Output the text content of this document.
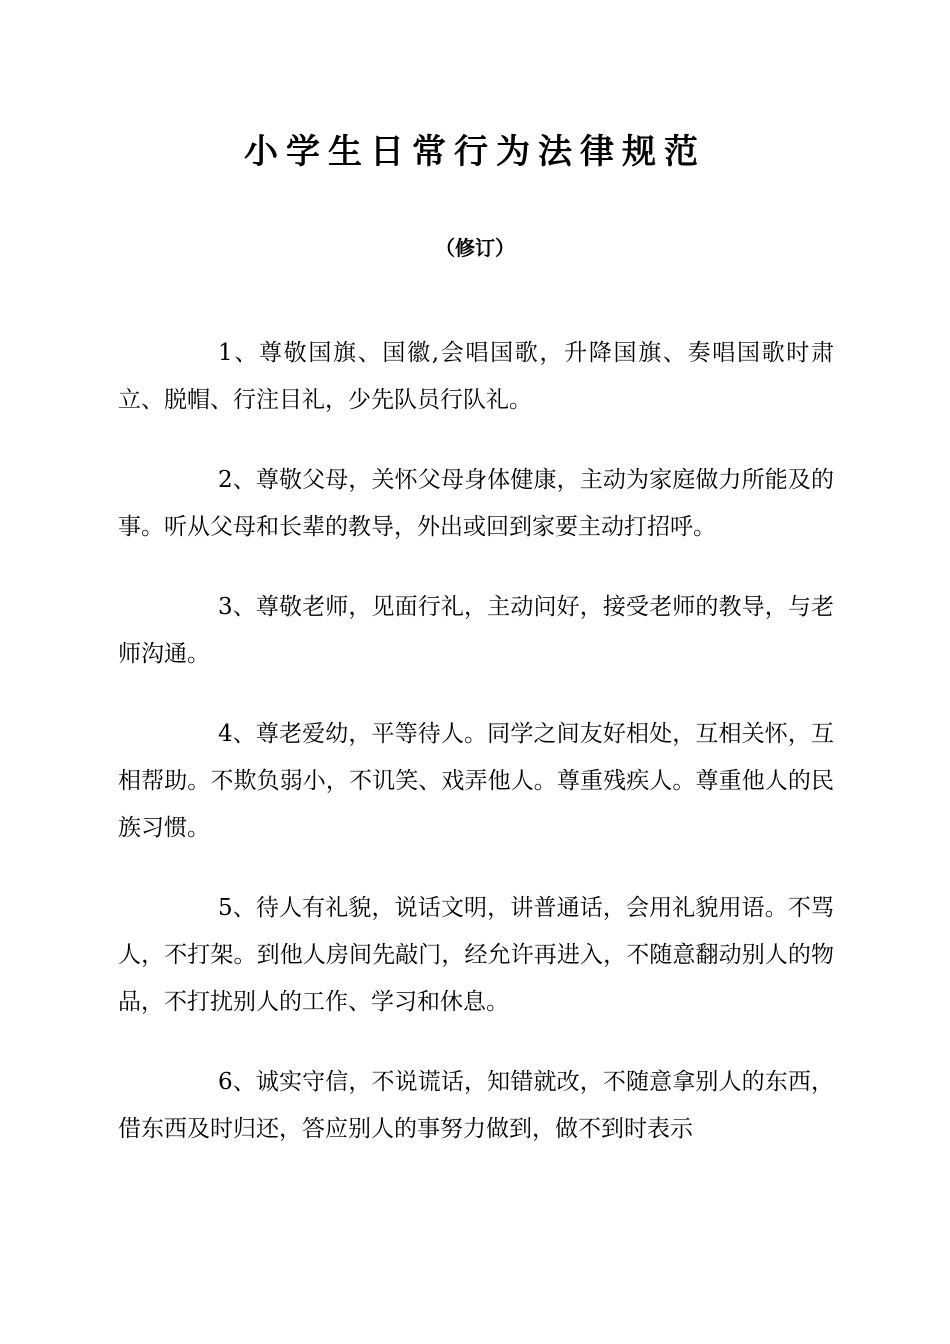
小学生日常行为法律规范
（修订）

1、尊敬国旗、国徽,会唱国歌，升降国旗、奏唱国歌时肃立、脱帽、行注目礼，少先队员行队礼。

2、尊敬父母，关怀父母身体健康，主动为家庭做力所能及的事。听从父母和长辈的教导，外出或回到家要主动打招呼。

3、尊敬老师，见面行礼，主动问好，接受老师的教导，与老师沟通。

4、尊老爱幼，平等待人。同学之间友好相处，互相关怀，互相帮助。不欺负弱小，不讥笑、戏弄他人。尊重残疾人。尊重他人的民族习惯。

5、待人有礼貌，说话文明，讲普通话，会用礼貌用语。不骂人，不打架。到他人房间先敲门，经允许再进入，不随意翻动别人的物品，不打扰别人的工作、学习和休息。

6、诚实守信，不说谎话，知错就改，不随意拿别人的东西，借东西及时归还，答应别人的事努力做到，做不到时表示
